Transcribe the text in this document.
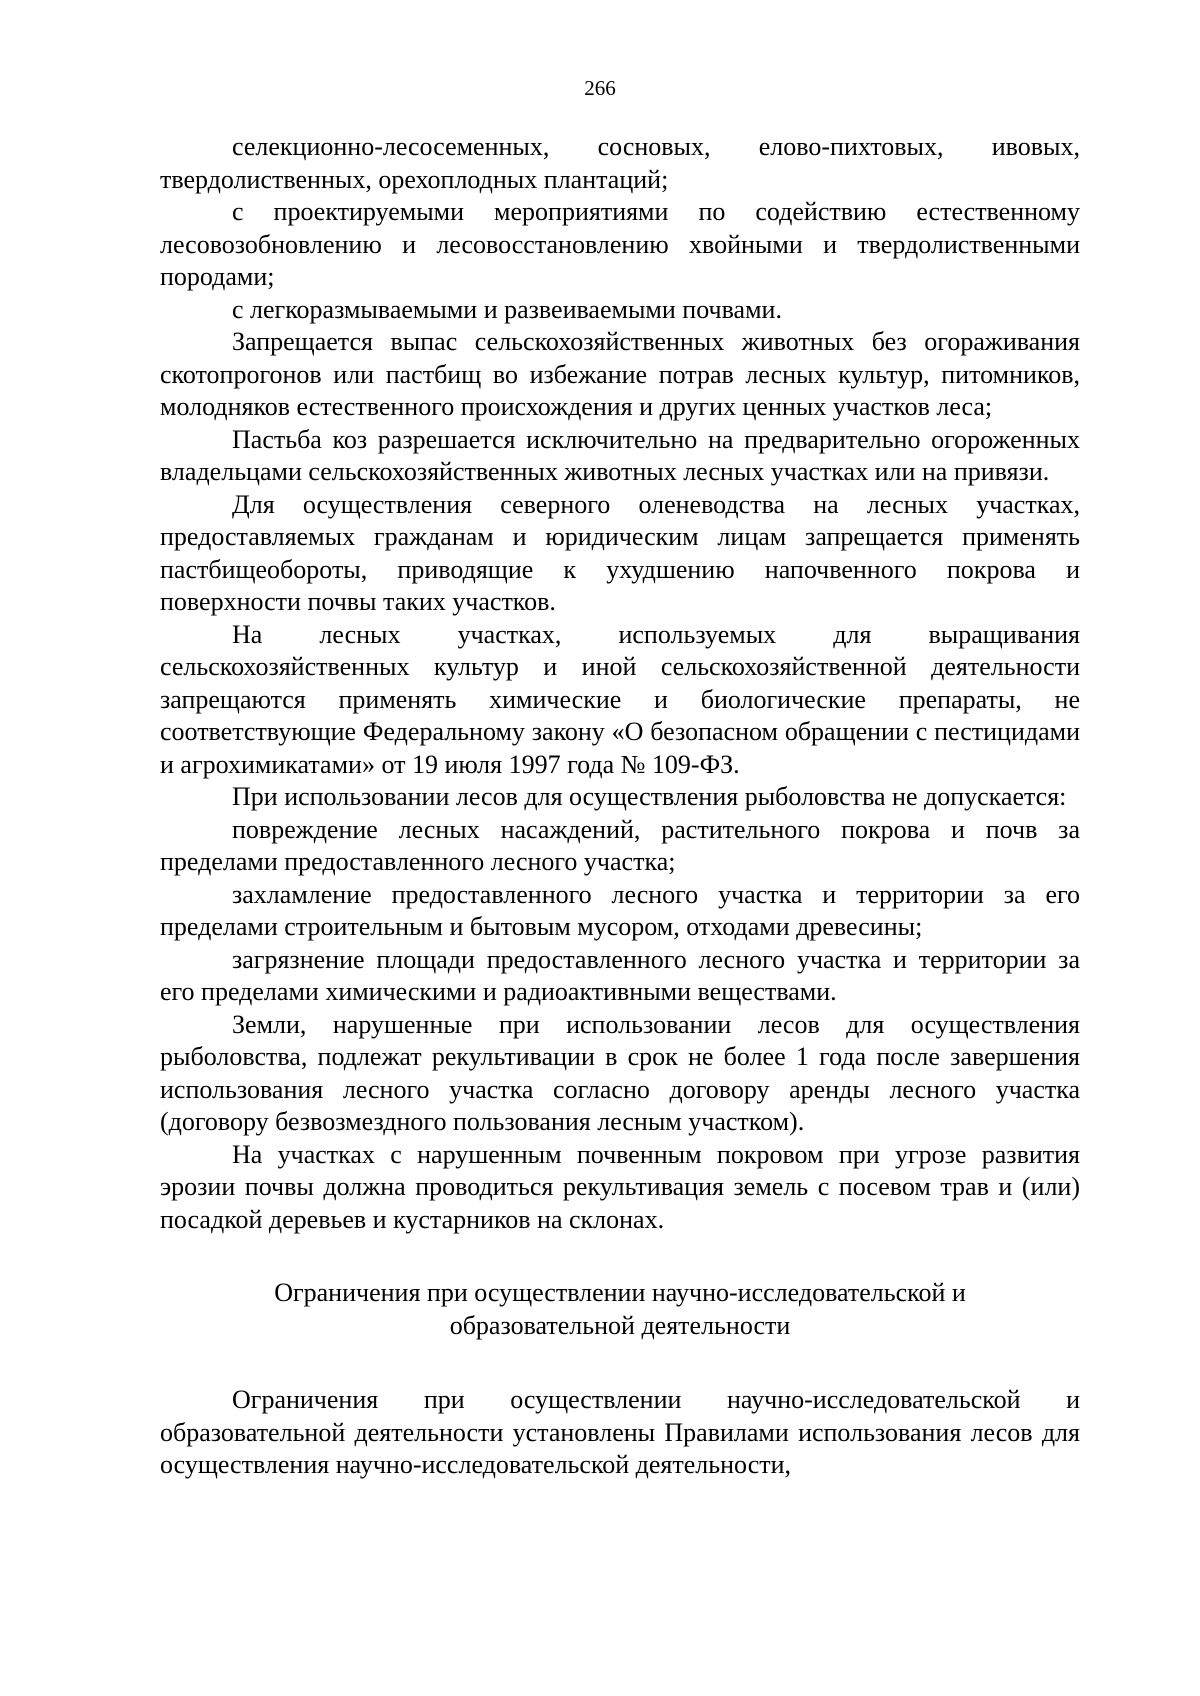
266

селекционно-лесосеменных, сосновых, елово-пихтовых, ивовых, твердолиственных, орехоплодных плантаций;

с проектируемыми мероприятиями по содействию естественному лесовозобновлению и лесовосстановлению хвойными и твердолиственными породами;

с легкоразмываемыми и развеиваемыми почвами.

Запрещается выпас сельскохозяйственных животных без огораживания скотопрогонов или пастбищ во избежание потрав лесных культур, питомников, молодняков естественного происхождения и других ценных участков леса;

Пастьба коз разрешается исключительно на предварительно огороженных владельцами сельскохозяйственных животных лесных участках или на привязи.

Для осуществления северного оленеводства на лесных участках, предоставляемых гражданам и юридическим лицам запрещается применять пастбищеобороты, приводящие к ухудшению напочвенного покрова и поверхности почвы таких участков.

На лесных участках, используемых для выращивания сельскохозяйственных культур и иной сельскохозяйственной деятельности запрещаются применять химические и биологические препараты, не соответствующие Федеральному закону «О безопасном обращении с пестицидами и агрохимикатами» от 19 июля 1997 года № 109-ФЗ.

При использовании лесов для осуществления рыболовства не допускается:

повреждение лесных насаждений, растительного покрова и почв за пределами предоставленного лесного участка;

захламление предоставленного лесного участка и территории за его пределами строительным и бытовым мусором, отходами древесины;

загрязнение площади предоставленного лесного участка и территории за его пределами химическими и радиоактивными веществами.

Земли, нарушенные при использовании лесов для осуществления рыболовства, подлежат рекультивации в срок не более 1 года после завершения использования лесного участка согласно договору аренды лесного участка (договору безвозмездного пользования лесным участком).

На участках с нарушенным почвенным покровом при угрозе развития эрозии почвы должна проводиться рекультивация земель с посевом трав и (или) посадкой деревьев и кустарников на склонах.

Ограничения при осуществлении научно-исследовательской и
образовательной деятельности

Ограничения при осуществлении научно-исследовательской и образовательной деятельности установлены Правилами использования лесов для осуществления научно-исследовательской деятельности,
